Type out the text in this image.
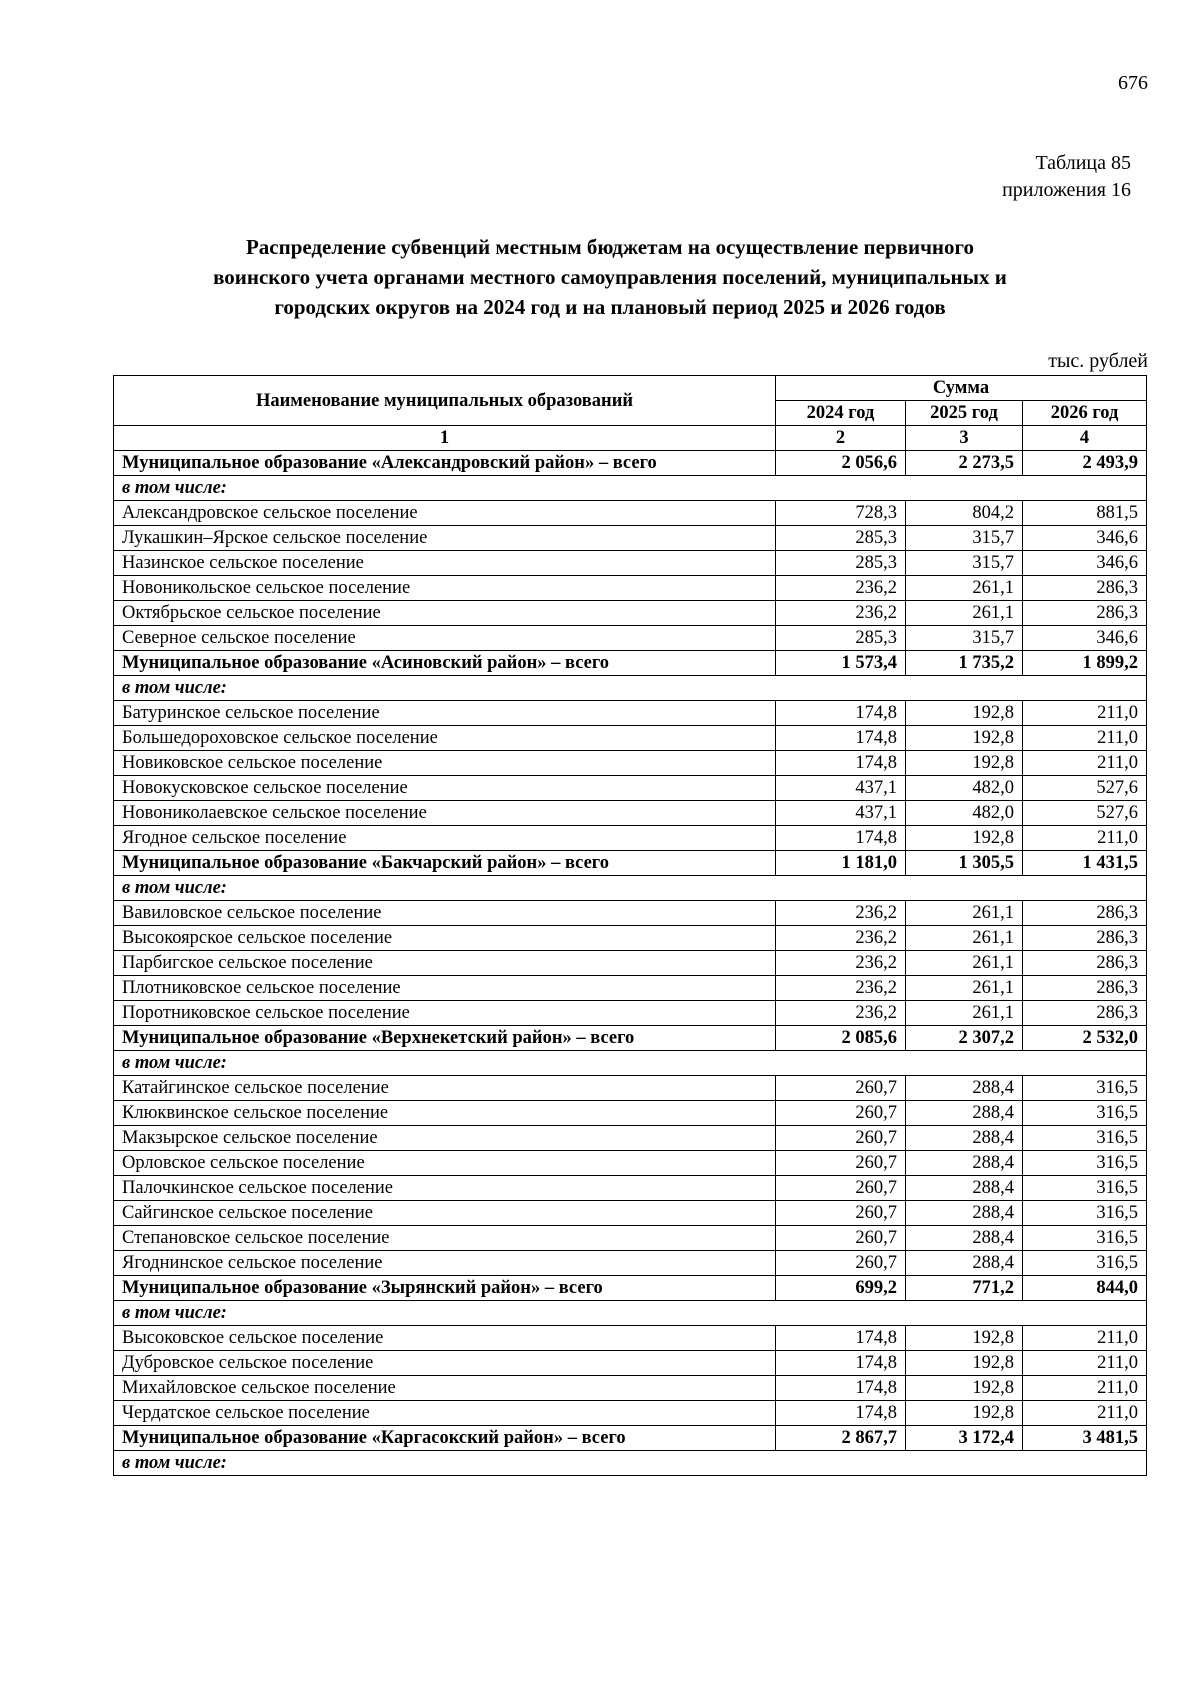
676
Таблица 85
приложения 16
Распределение субвенций местным бюджетам на осуществление первичного
воинского учета органами местного самоуправления поселений, муниципальных и
городских округов на 2024 год и на плановый период 2025 и 2026 годов
тыс. рублей
Наименование муниципальных образований	Сумма		
	2024 год	2025 год	2026 год
1	2	3	4
Муниципальное образование «Александровский район» – всего	2 056,6	2 273,5	2 493,9
в том числе:			
Александровское сельское поселение	728,3	804,2	881,5
Лукашкин–Ярское сельское поселение	285,3	315,7	346,6
Назинское сельское поселение	285,3	315,7	346,6
Новоникольское сельское поселение	236,2	261,1	286,3
Октябрьское сельское поселение	236,2	261,1	286,3
Северное сельское поселение	285,3	315,7	346,6
Муниципальное образование «Асиновский район» – всего	1 573,4	1 735,2	1 899,2
в том числе:			
Батуринское сельское поселение	174,8	192,8	211,0
Большедороховское сельское поселение	174,8	192,8	211,0
Новиковское сельское поселение	174,8	192,8	211,0
Новокусковское сельское поселение	437,1	482,0	527,6
Новониколаевское сельское поселение	437,1	482,0	527,6
Ягодное сельское поселение	174,8	192,8	211,0
Муниципальное образование «Бакчарский район» – всего	1 181,0	1 305,5	1 431,5
в том числе:			
Вавиловское сельское поселение	236,2	261,1	286,3
Высокоярское сельское поселение	236,2	261,1	286,3
Парбигское сельское поселение	236,2	261,1	286,3
Плотниковское сельское поселение	236,2	261,1	286,3
Поротниковское сельское поселение	236,2	261,1	286,3
Муниципальное образование «Верхнекетский район» – всего	2 085,6	2 307,2	2 532,0
в том числе:			
Катайгинское сельское поселение	260,7	288,4	316,5
Клюквинское сельское поселение	260,7	288,4	316,5
Макзырское сельское поселение	260,7	288,4	316,5
Орловское сельское поселение	260,7	288,4	316,5
Палочкинское сельское поселение	260,7	288,4	316,5
Сайгинское сельское поселение	260,7	288,4	316,5
Степановское сельское поселение	260,7	288,4	316,5
Ягоднинское сельское поселение	260,7	288,4	316,5
Муниципальное образование «Зырянский район» – всего	699,2	771,2	844,0
в том числе:			
Высоковское сельское поселение	174,8	192,8	211,0
Дубровское сельское поселение	174,8	192,8	211,0
Михайловское сельское поселение	174,8	192,8	211,0
Чердатское сельское поселение	174,8	192,8	211,0
Муниципальное образование «Каргасокский район» – всего	2 867,7	3 172,4	3 481,5
в том числе:			
